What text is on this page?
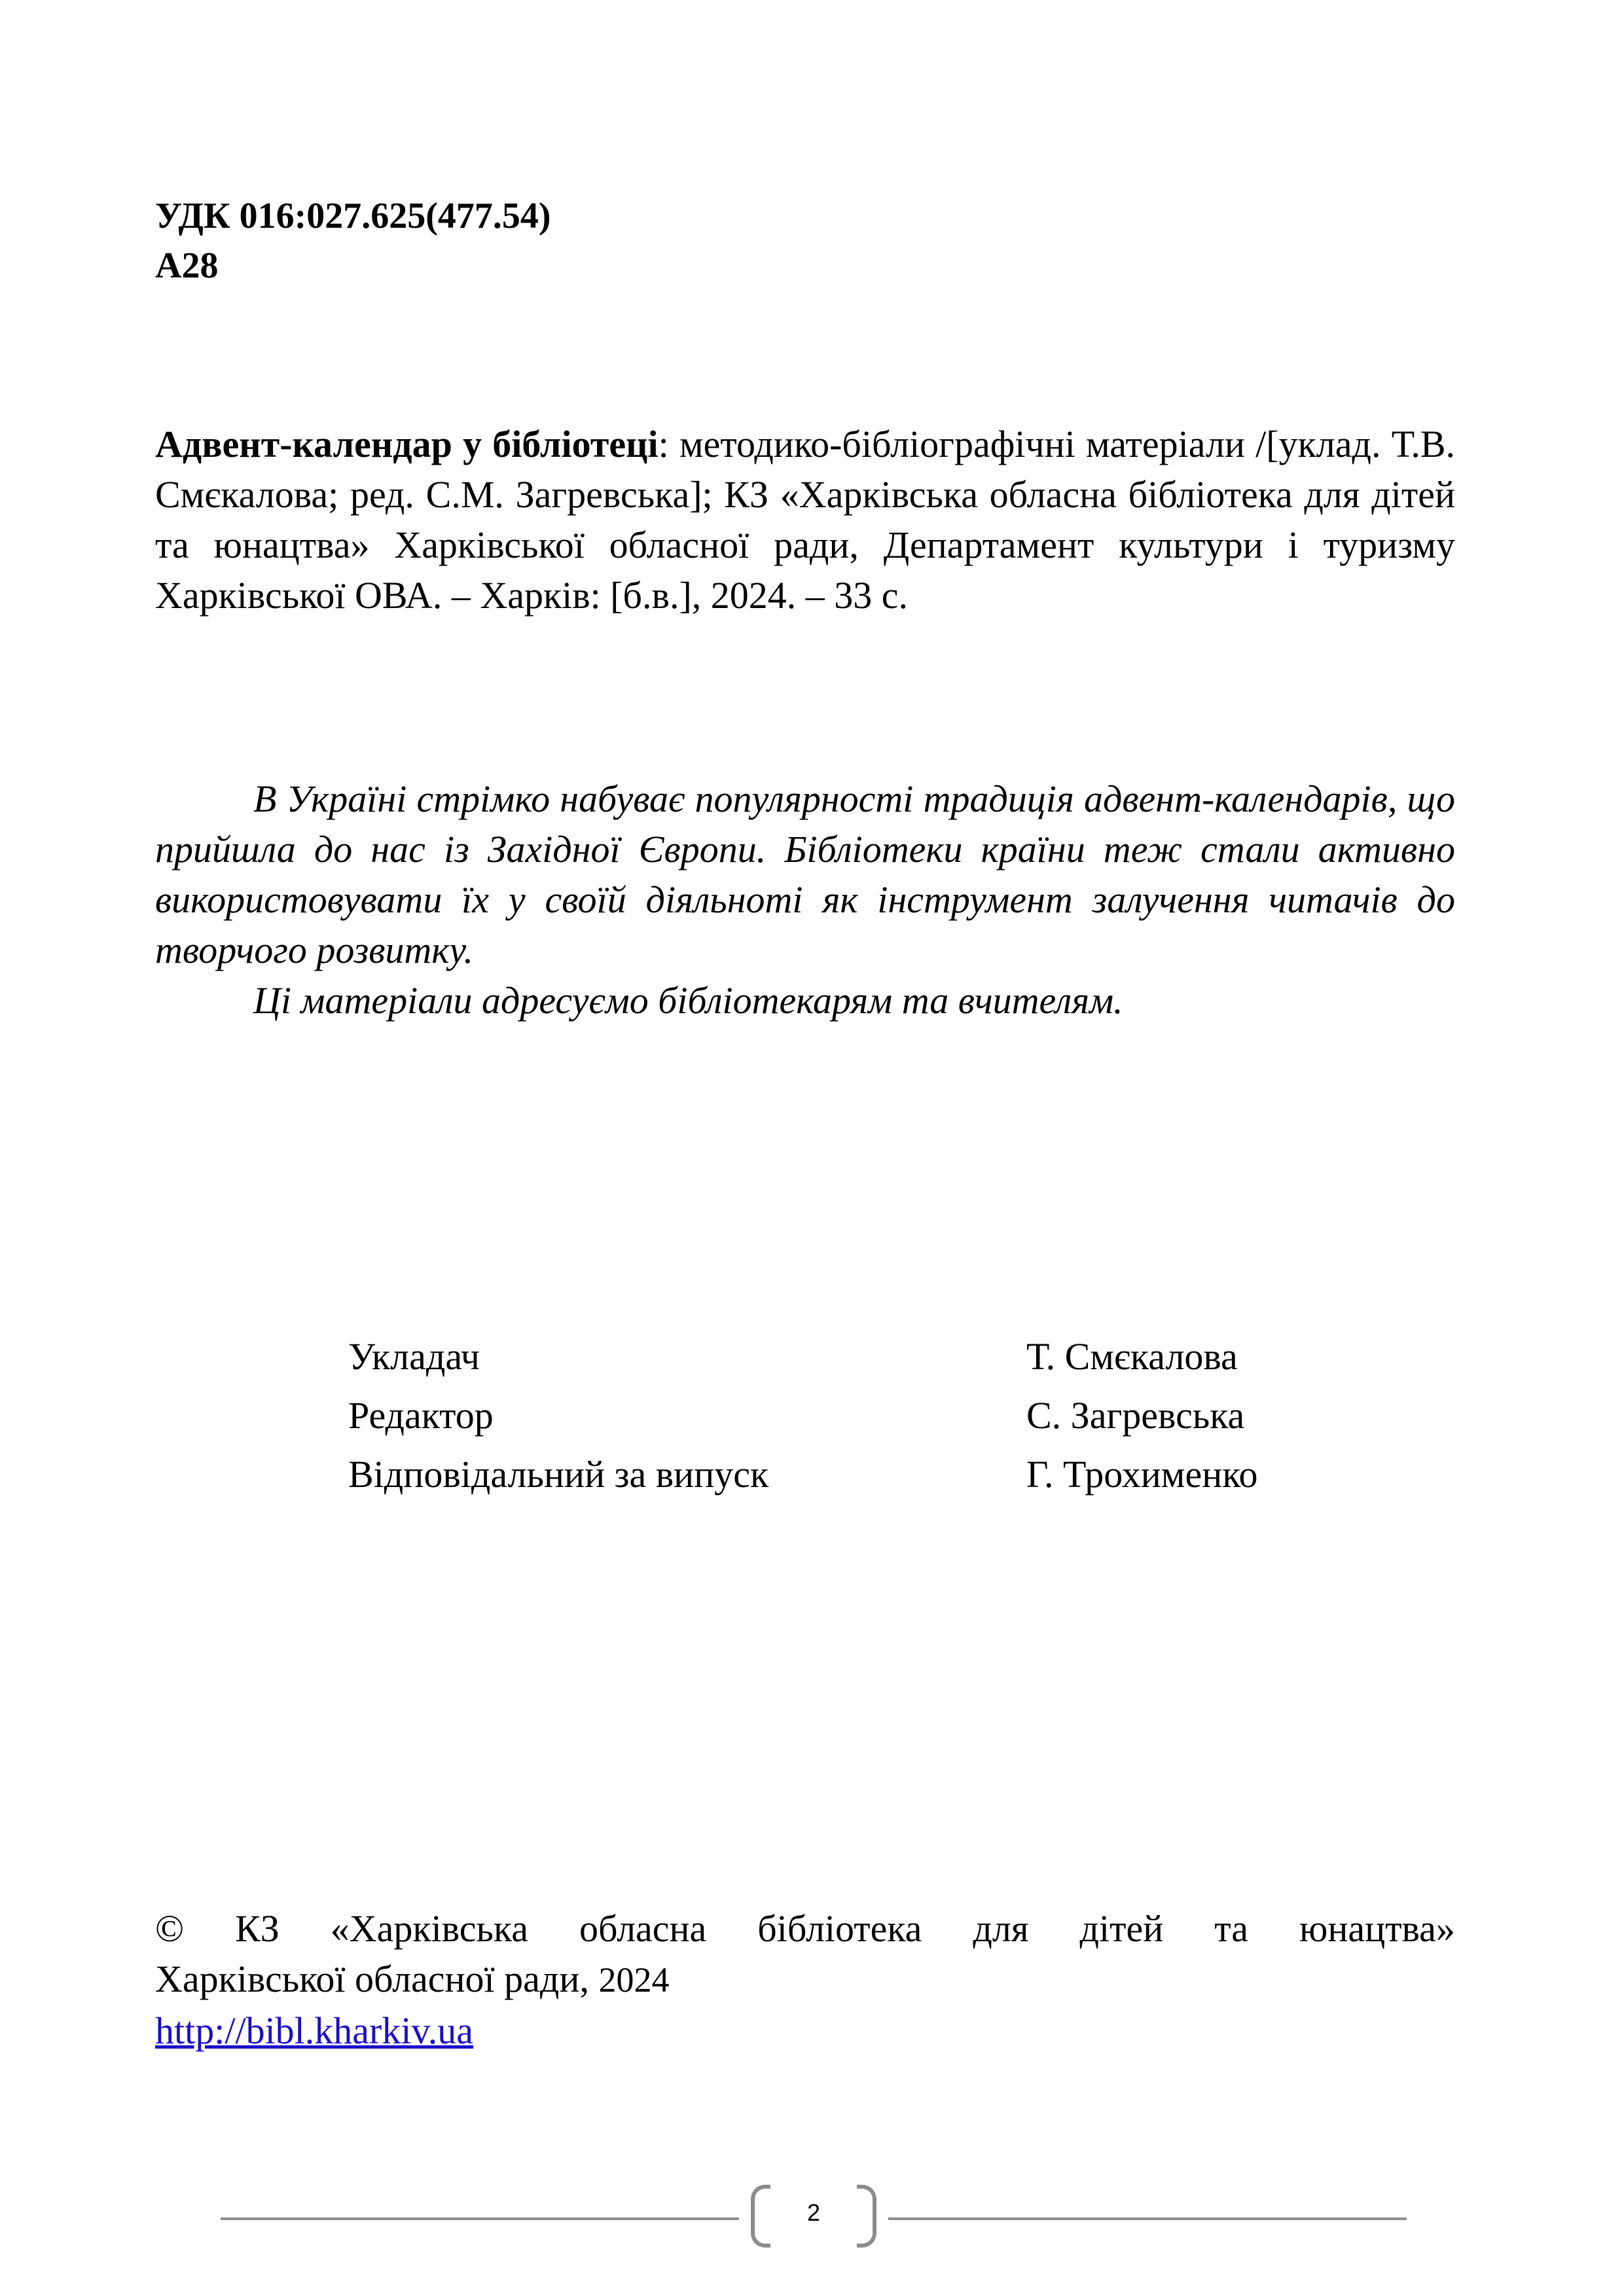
УДК 016:027.625(477.54)
А28
Адвент-календар у бібліотеці: методико-бібліографічні матеріали /[уклад. Т.В. Смєкалова; ред. С.М. Загревська]; КЗ «Харківська обласна бібліотека для дітей та юнацтва» Харківської обласної ради, Департамент культури і туризму Харківської ОВА. – Харків: [б.в.], 2024. – 33 с.

В Україні стрімко набуває популярності традиція адвент-календарів, що прийшла до нас із Західної Європи. Бібліотеки країни теж стали активно використовувати їх у своїй діяльноті як інструмент залучення читачів до творчого розвитку.

Ці матеріали адресуємо бібліотекарям та вчителям.

Укладач	Т. Смєкалова
Редактор	С. Загревська
Відповідальний за випуск	Г. Трохименко
© КЗ «Харківська обласна бібліотека для дітей та юнацтва»
Харківської обласної ради, 2024
http://bibl.kharkiv.ua
2
